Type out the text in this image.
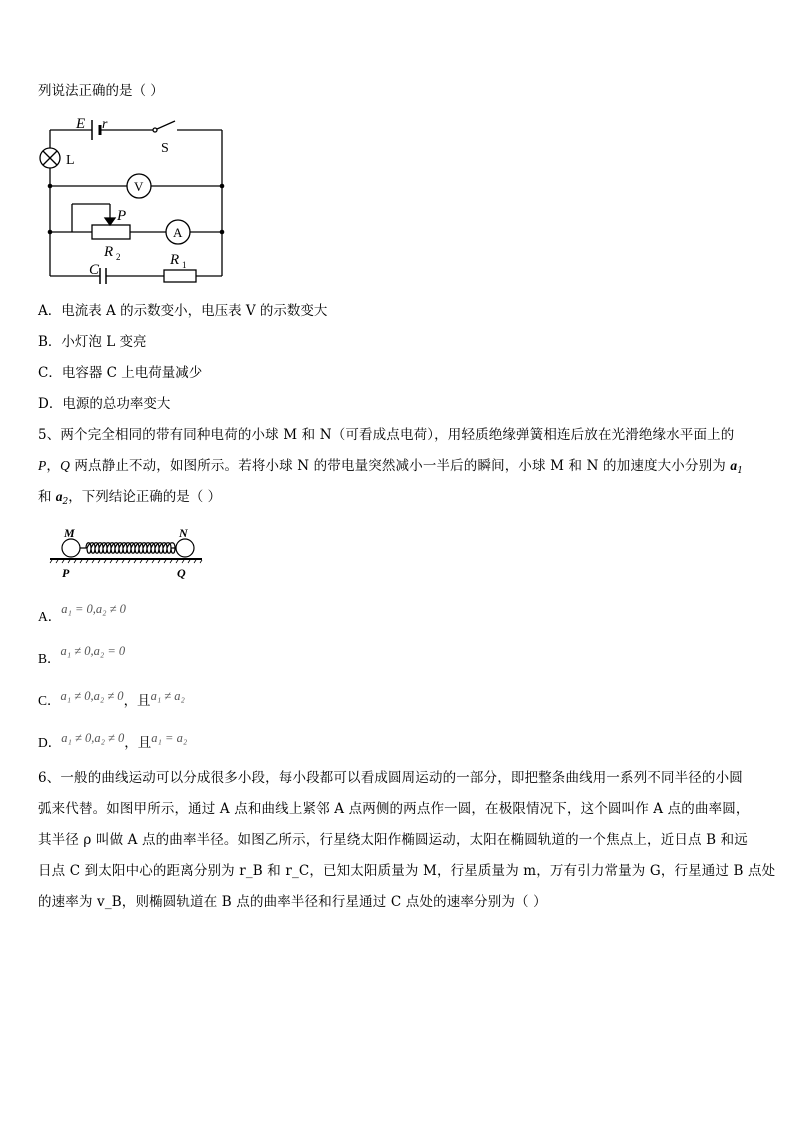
列说法正确的是（ ）
E r
S
L
V
A
P
R 2
C
R 1
A．电流表 A 的示数变小，电压表 V 的示数变大
B．小灯泡 L 变亮
C．电容器 C 上电荷量减少
D．电源的总功率变大
5、两个完全相同的带有同种电荷的小球 M 和 N（可看成点电荷），用轻质绝缘弹簧相连后放在光滑绝缘水平面上的
P，Q 两点静止不动，如图所示。若将小球 N 的带电量突然减小一半后的瞬间，小球 M 和 N 的加速度大小分别为 $a_1$
和 $a_2$，下列结论正确的是（ ）
M	N
P	Q
A．a₁ = 0,a₂ ≠ 0
B．a₁ ≠ 0,a₂ = 0
C．a₁ ≠ 0,a₂ ≠ 0，且a₁ ≠ a₂
D．a₁ ≠ 0,a₂ ≠ 0，且a₁ = a₂
6、一般的曲线运动可以分成很多小段，每小段都可以看成圆周运动的一部分，即把整条曲线用一系列不同半径的小圆
弧来代替。如图甲所示，通过 A 点和曲线上紧邻 A 点两侧的两点作一圆，在极限情况下，这个圆叫作 A 点的曲率圆，
其半径 ρ 叫做 A 点的曲率半径。如图乙所示，行星绕太阳作椭圆运动，太阳在椭圆轨道的一个焦点上，近日点 B 和远
日点 C 到太阳中心的距离分别为 r_B 和 r_C，已知太阳质量为 M，行星质量为 m，万有引力常量为 G，行星通过 B 点处
的速率为 v_B，则椭圆轨道在 B 点的曲率半径和行星通过 C 点处的速率分别为（ ）
